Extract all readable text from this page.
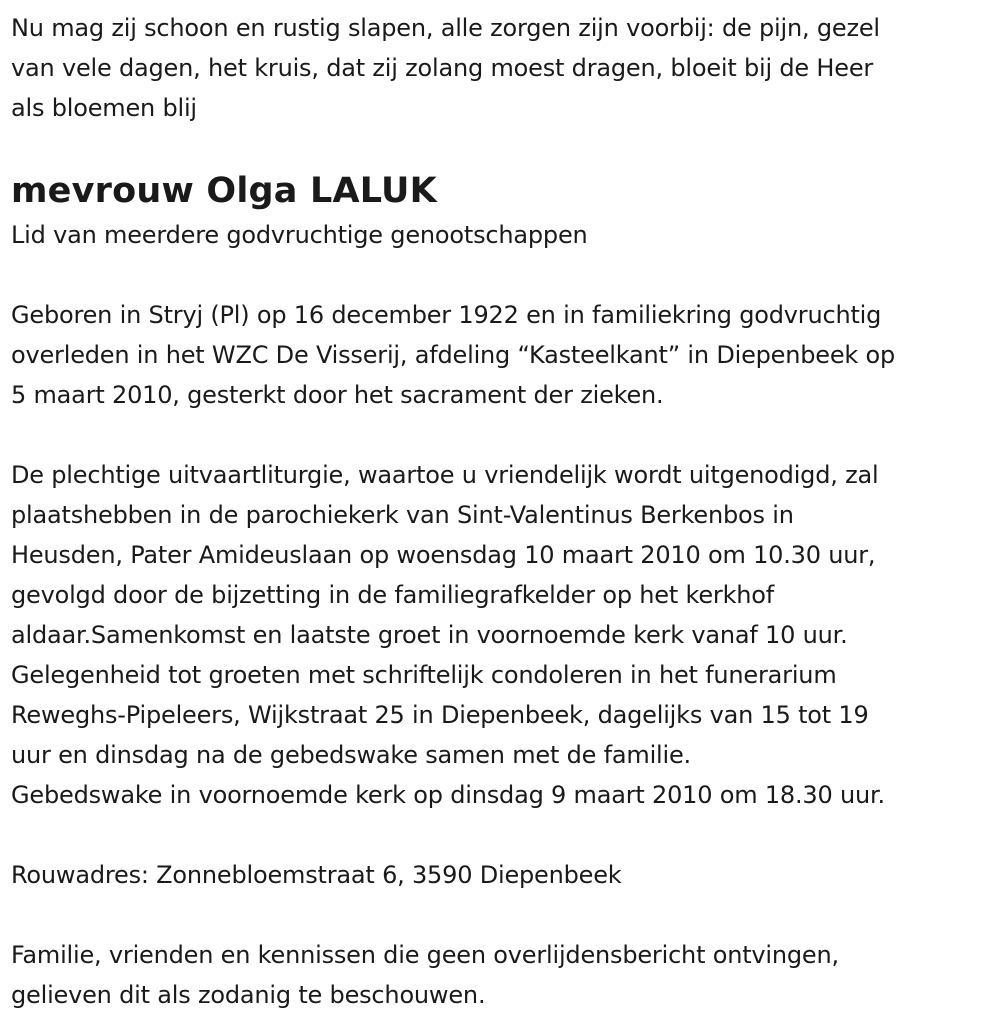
Nu mag zij schoon en rustig slapen, alle zorgen zijn voorbij: de pijn, gezel
van vele dagen, het kruis, dat zij zolang moest dragen, bloeit bij de Heer
als bloemen blij

mevrouw Olga LALUK

Lid van meerdere godvruchtige genootschappen

Geboren in Stryj (Pl) op 16 december 1922 en in familiekring godvruchtig
overleden in het WZC De Visserij, afdeling “Kasteelkant” in Diepenbeek op
5 maart 2010, gesterkt door het sacrament der zieken.

De plechtige uitvaartliturgie, waartoe u vriendelijk wordt uitgenodigd, zal
plaatshebben in de parochiekerk van Sint-Valentinus Berkenbos in
Heusden, Pater Amideuslaan op woensdag 10 maart 2010 om 10.30 uur,
gevolgd door de bijzetting in de familiegrafkelder op het kerkhof
aldaar.Samenkomst en laatste groet in voornoemde kerk vanaf 10 uur.
Gelegenheid tot groeten met schriftelijk condoleren in het funerarium
Reweghs-Pipeleers, Wijkstraat 25 in Diepenbeek, dagelijks van 15 tot 19
uur en dinsdag na de gebedswake samen met de familie.
Gebedswake in voornoemde kerk op dinsdag 9 maart 2010 om 18.30 uur.

Rouwadres: Zonnebloemstraat 6, 3590 Diepenbeek

Familie, vrienden en kennissen die geen overlijdensbericht ontvingen,
gelieven dit als zodanig te beschouwen.
